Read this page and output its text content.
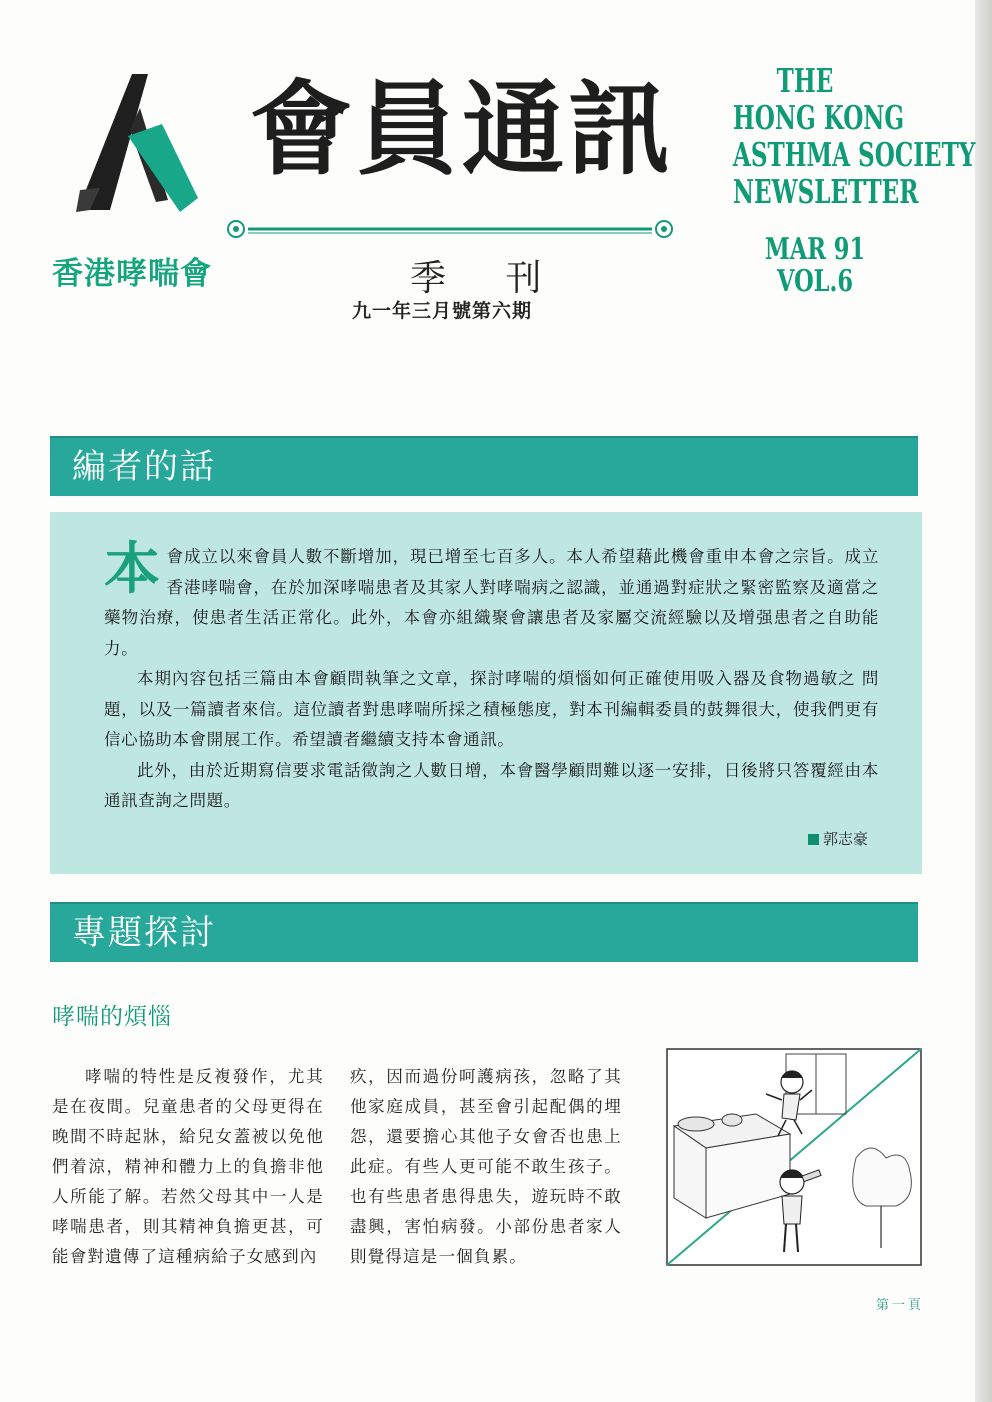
香港哮喘會
會員通訊
季 刊
九一年三月號第六期
THE
HONG KONG
ASTHMA SOCIETY
NEWSLETTER
MAR 91
VOL.6
編者的話

本會成立以來會員人數不斷增加，現已增至七百多人。本人希望藉此機會重申本會之宗旨。成立香港哮喘會，在於加深哮喘患者及其家人對哮喘病之認識，並通過對症狀之緊密監察及適當之藥物治療，使患者生活正常化。此外，本會亦組織聚會讓患者及家屬交流經驗以及增强患者之自助能力。

本期內容包括三篇由本會顧問執筆之文章，探討哮喘的煩惱如何正確使用吸入器及食物過敏之 問題，以及一篇讀者來信。這位讀者對患哮喘所採之積極態度，對本刊編輯委員的鼓舞很大，使我們更有信心協助本會開展工作。希望讀者繼續支持本會通訊。

此外，由於近期寫信要求電話徵詢之人數日增，本會醫學顧問難以逐一安排，日後將只答覆經由本通訊查詢之問題。

郭志豪
專題探討
哮喘的煩惱
哮喘的特性是反複發作，尤其是在夜間。兒童患者的父母更得在晚間不時起牀，給兒女蓋被以免他們着涼，精神和體力上的負擔非他人所能了解。若然父母其中一人是哮喘患者，則其精神負擔更甚，可能會對遺傳了這種病給子女感到內
疚，因而過份呵護病孩，忽略了其他家庭成員，甚至會引起配偶的埋怨，還要擔心其他子女會否也患上此症。有些人更可能不敢生孩子。也有些患者患得患失，遊玩時不敢盡興，害怕病發。小部份患者家人則覺得這是一個負累。
第一頁
